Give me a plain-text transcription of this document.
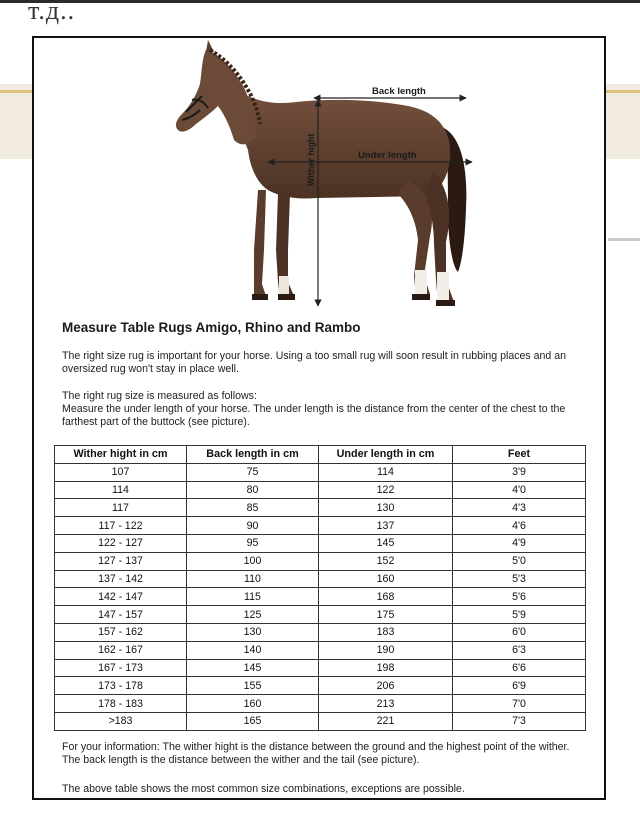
т.д..
Back length
Under length
Wither hight
Measure Table Rugs Amigo, Rhino and Rambo
The right size rug is important for your horse. Using a too small rug will soon result in rubbing places and an oversized rug won't stay in place well.
The right rug size is measured as follows:
Measure the under length of your horse. The under length is the distance from the center of the chest to the farthest part of the buttock (see picture).
Wither hight in cm	Back length in cm	Under length in cm	Feet
107	75	114	3'9
114	80	122	4'0
117	85	130	4'3
117 - 122	90	137	4'6
122 - 127	95	145	4'9
127 - 137	100	152	5'0
137 - 142	110	160	5'3
142 - 147	115	168	5'6
147 - 157	125	175	5'9
157 - 162	130	183	6'0
162 - 167	140	190	6'3
167 - 173	145	198	6'6
173 - 178	155	206	6'9
178 - 183	160	213	7'0
>183	165	221	7'3
For your information: The wither hight is the distance between the ground and the highest point of the wither. The back length is the distance between the wither and the tail (see picture).
The above table shows the most common size combinations, exceptions are possible.
